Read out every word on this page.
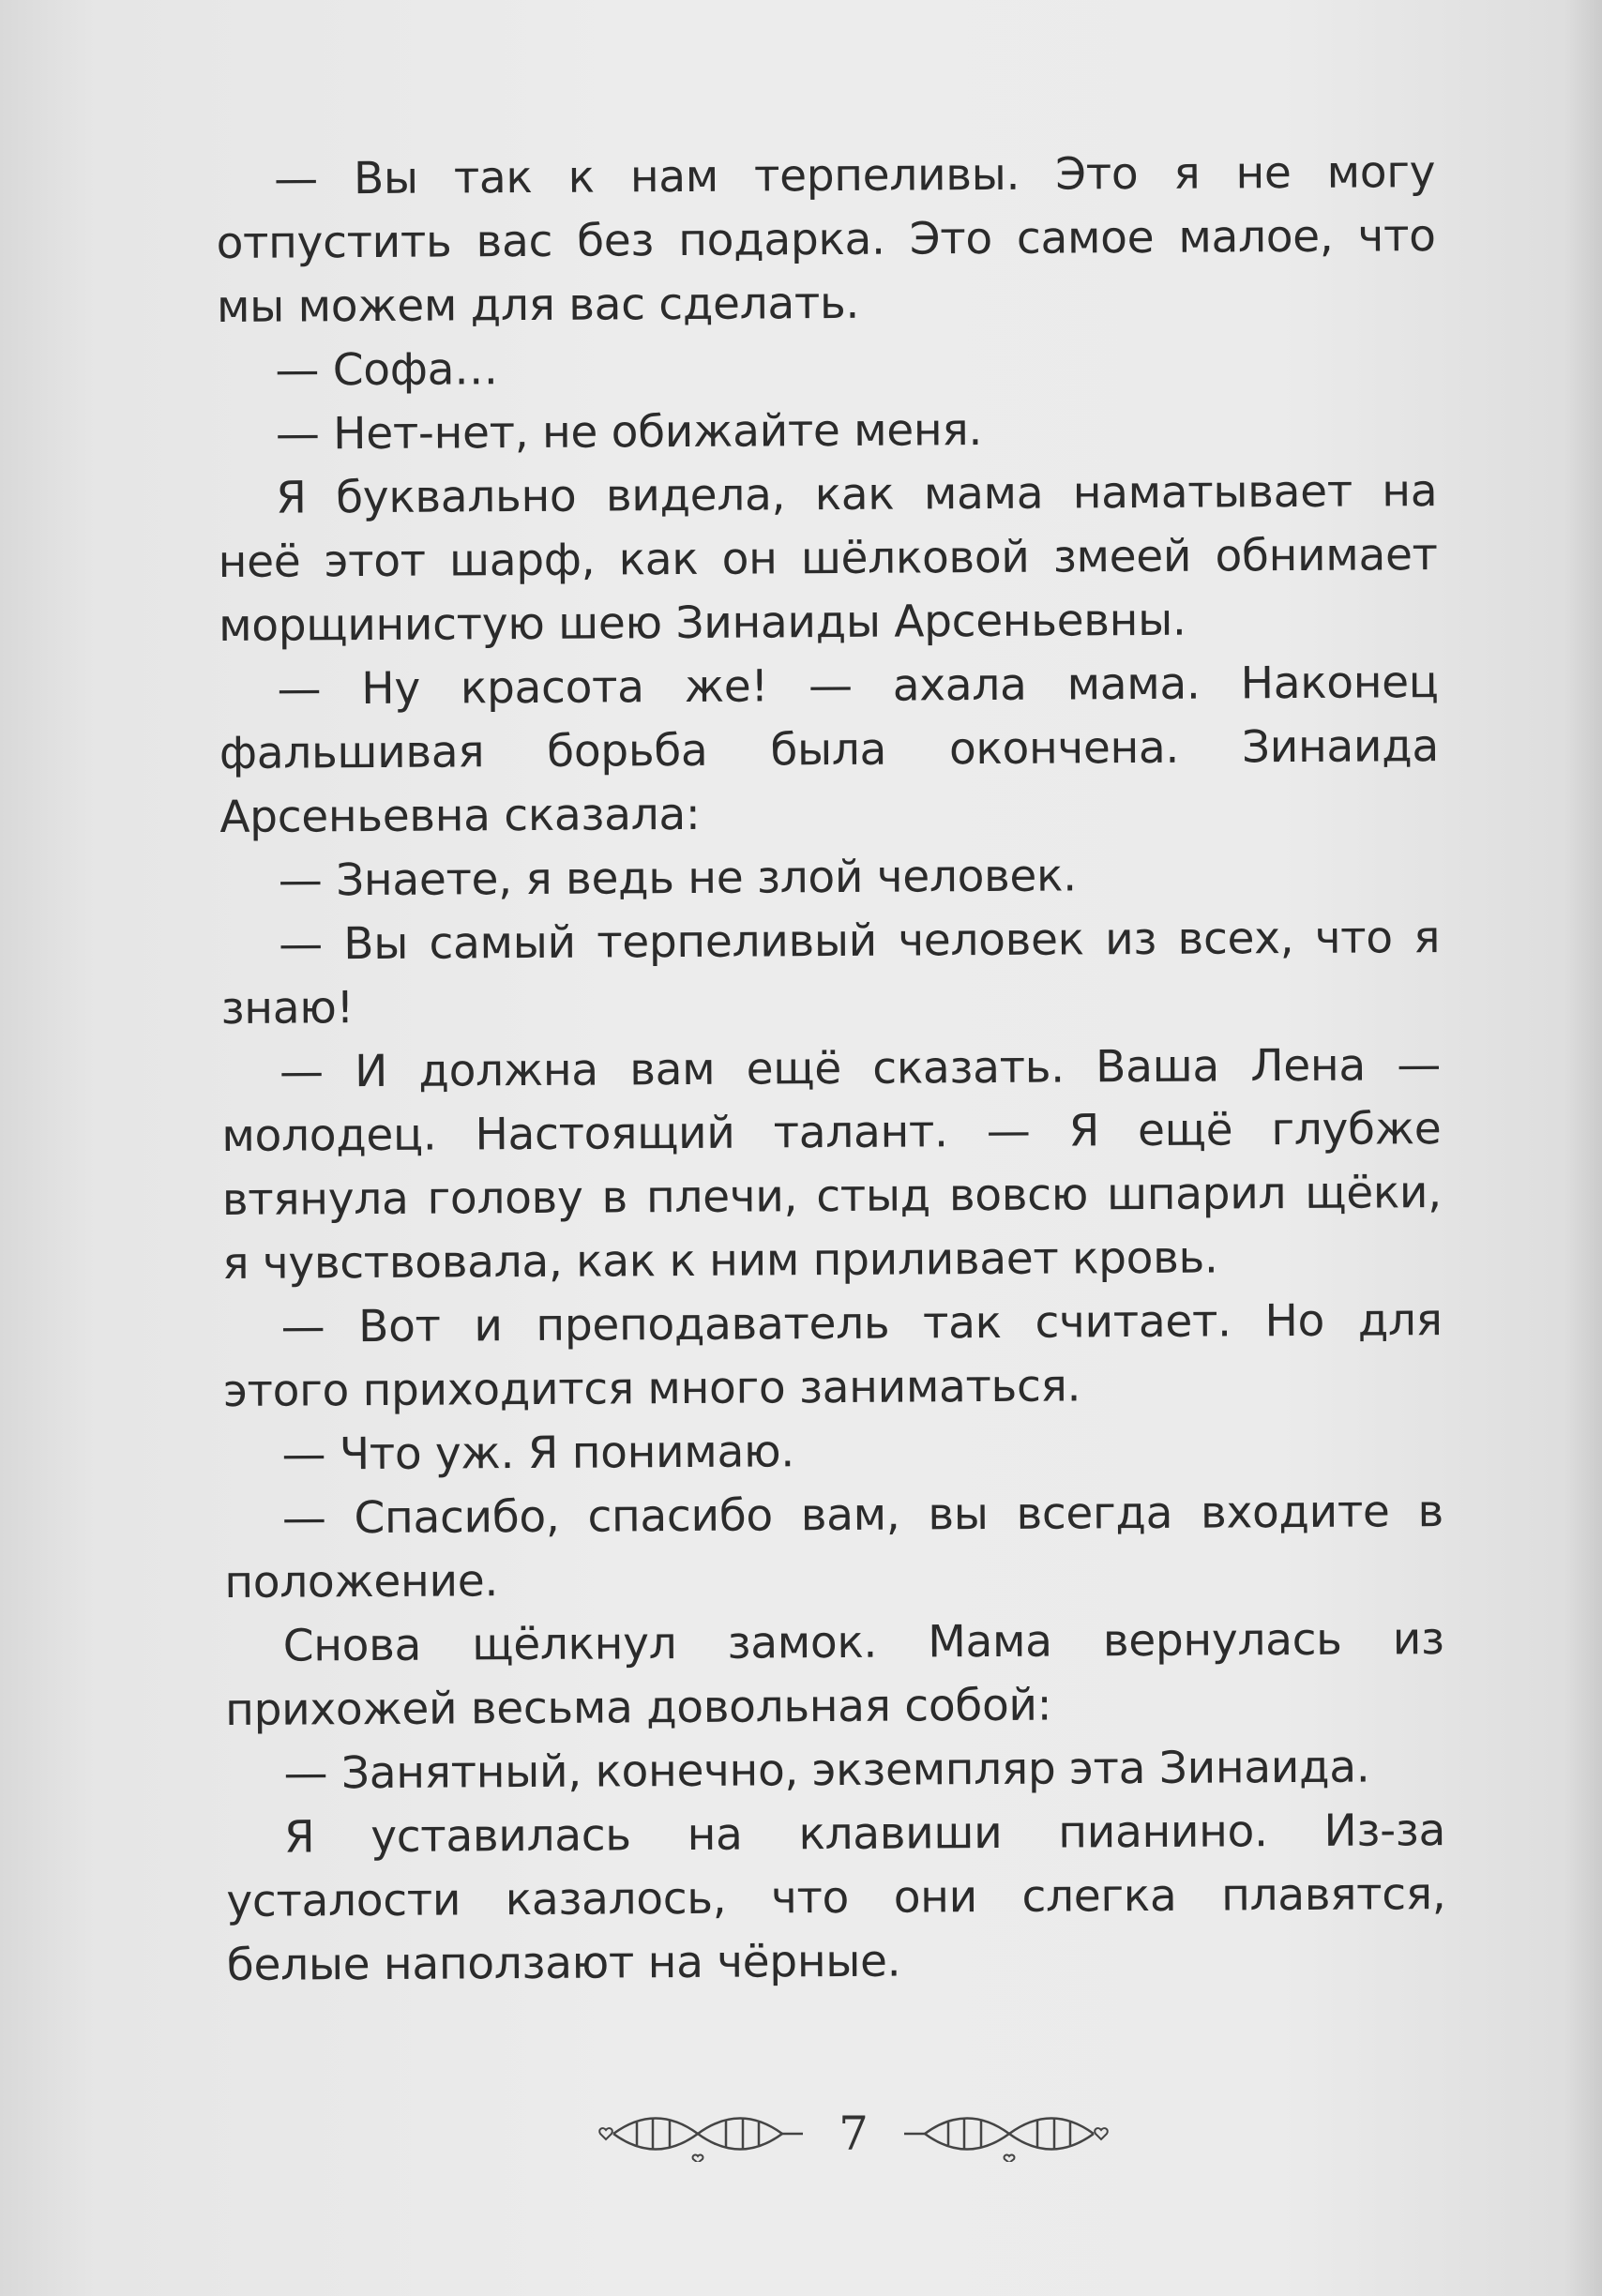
— Вы так к нам терпеливы. Это я не могу отпустить вас без подарка. Это самое малое, что мы можем для вас сделать.

— Софа…

— Нет-нет, не обижайте меня.

Я буквально видела, как мама наматывает на неё этот шарф, как он шёлковой змеей обнимает морщинистую шею Зинаиды Арсеньевны.

— Ну красота же! — ахала мама. Наконец фальшивая борьба была окончена. Зинаида Арсеньевна сказала:

— Знаете, я ведь не злой человек.

— Вы самый терпеливый человек из всех, что я знаю!

— И должна вам ещё сказать. Ваша Лена — молодец. Настоящий талант. — Я ещё глубже втянула голову в плечи, стыд вовсю шпарил щёки, я чувствовала, как к ним приливает кровь.

— Вот и преподаватель так считает. Но для этого приходится много заниматься.

— Что уж. Я понимаю.

— Спасибо, спасибо вам, вы всегда входите в положение.

Снова щёлкнул замок. Мама вернулась из прихожей весьма довольная собой:

— Занятный, конечно, экземпляр эта Зинаида.

Я уставилась на клавиши пианино. Из-за усталости казалось, что они слегка плавятся, белые наползают на чёрные.

7
